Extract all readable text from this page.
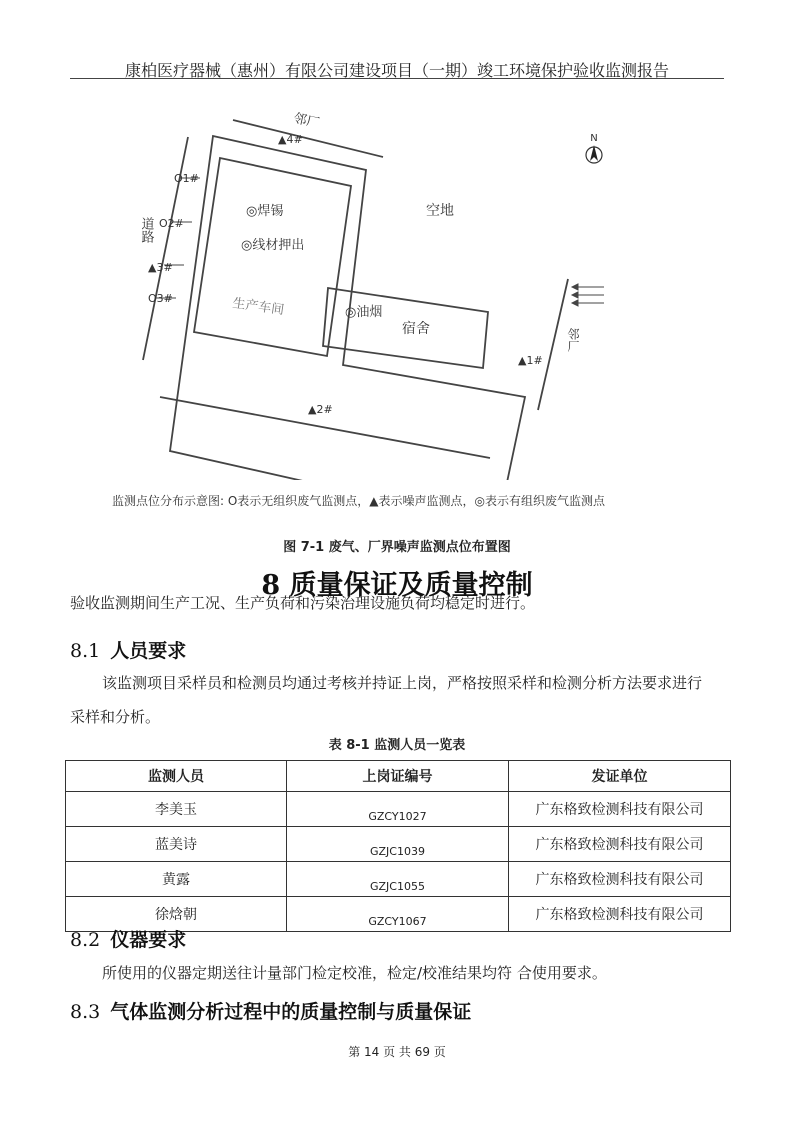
康柏医疗器械（惠州）有限公司建设项目（一期）竣工环境保护验收监测报告
N
邻厂
空地
生产车间
宿舍
道路
邻厂
▲4#
▲1#
▲2#
▲3#
O1#
O2#
O3#
◎焊锡
◎线材押出
◎油烟
监测点位分布示意图: O表示无组织废气监测点，▲表示噪声监测点，◎表示有组织废气监测点
图 7-1 废气、厂界噪声监测点位布置图
8 质量保证及质量控制
验收监测期间生产工况、生产负荷和污染治理设施负荷均稳定时进行。
8.1 人员要求
该监测项目采样员和检测员均通过考核并持证上岗，严格按照采样和检测分析方法要求进行
采样和分析。
表 8-1 监测人员一览表
监测人员	上岗证编号	发证单位
李美玉	GZCY1027	广东格致检测科技有限公司
蓝美诗	GZJC1039	广东格致检测科技有限公司
黄露	GZJC1055	广东格致检测科技有限公司
徐焓朝	GZCY1067	广东格致检测科技有限公司
8.2 仪器要求
所使用的仪器定期送往计量部门检定校准，检定/校准结果均符 合使用要求。
8.3 气体监测分析过程中的质量控制与质量保证
第 14 页 共 69 页
